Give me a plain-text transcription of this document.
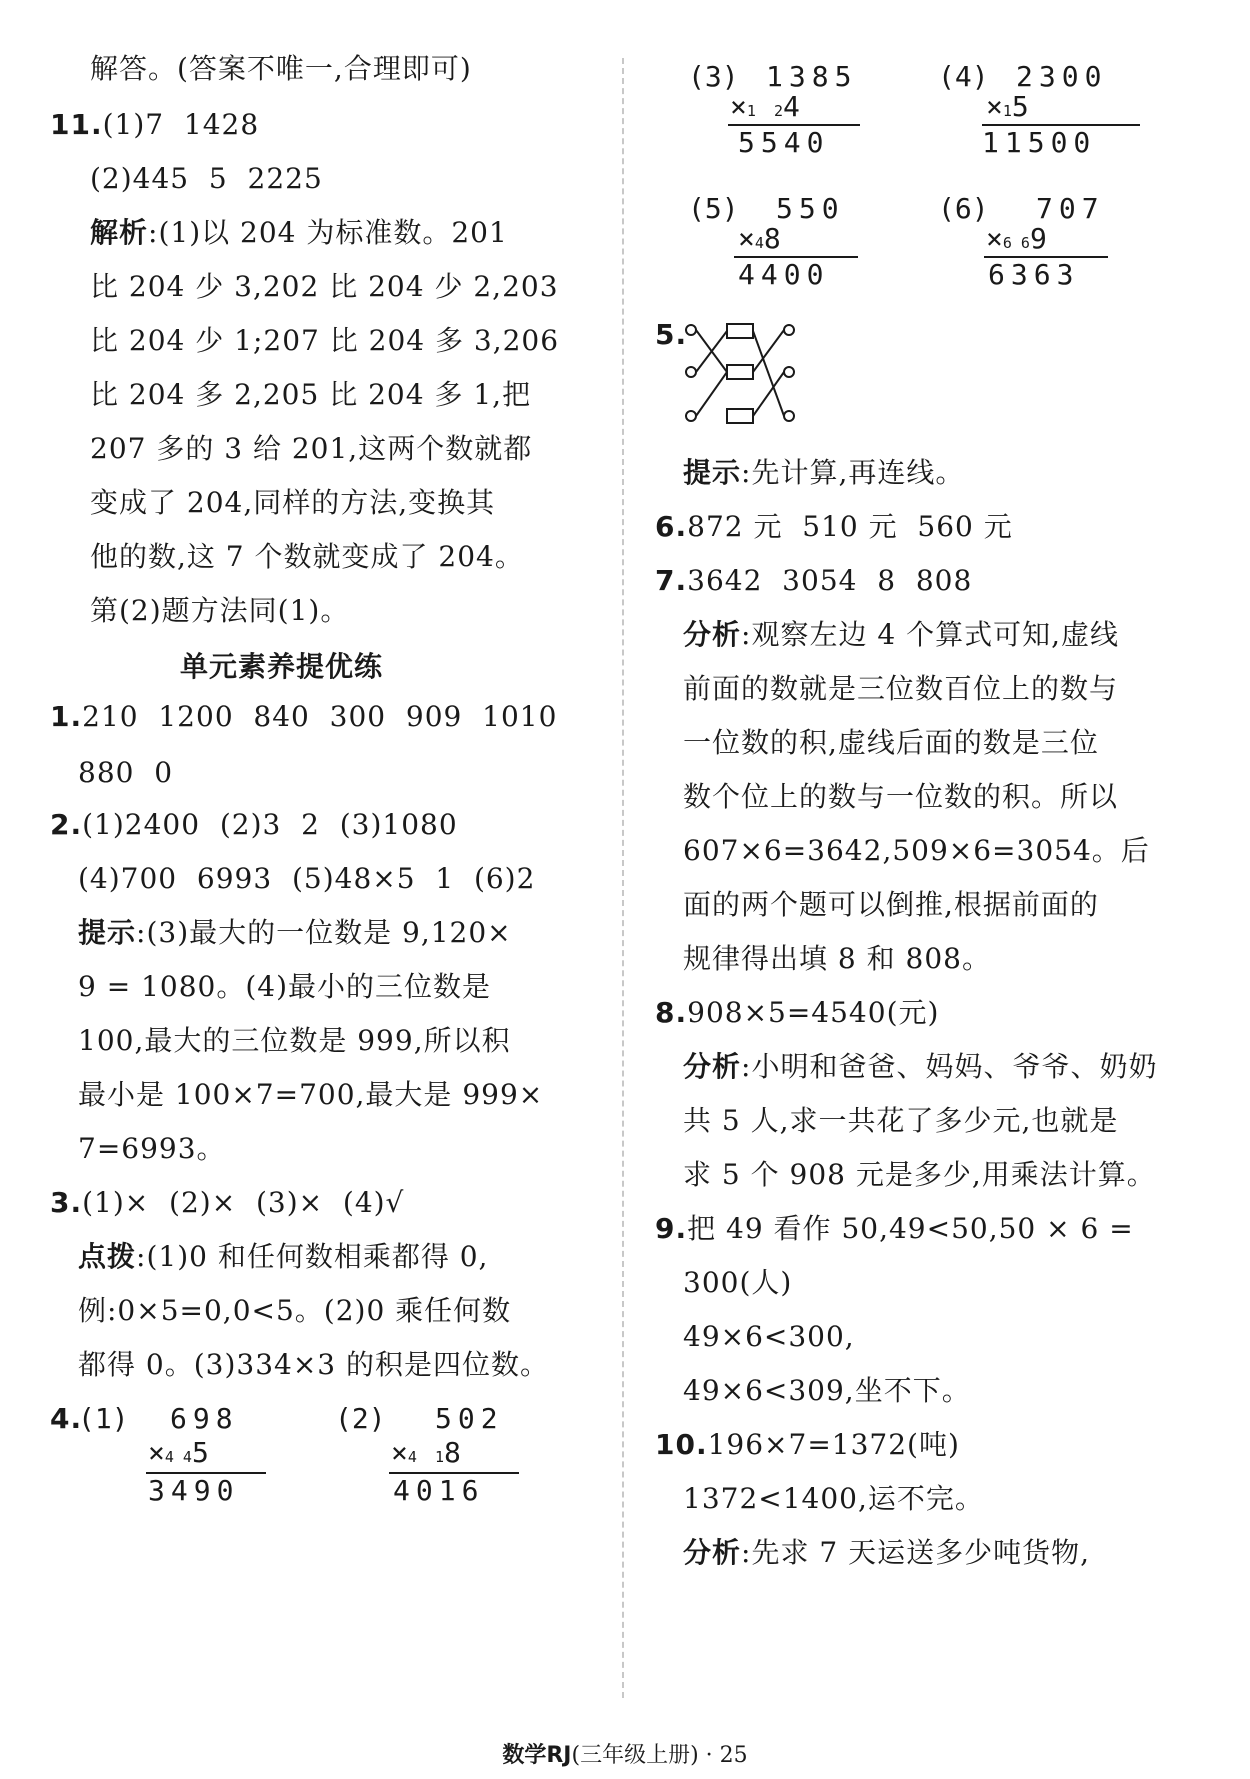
解答。(答案不唯一,合理即可)
11.(1)7  1428
(2)445  5  2225
解析:(1)以 204 为标准数。201
比 204 少 3,202 比 204 少 2,203
比 204 少 1;207 比 204 多 3,206
比 204 多 2,205 比 204 多 1,把
207 多的 3 给 201,这两个数就都
变成了 204,同样的方法,变换其
他的数,这 7 个数就变成了 204。
第(2)题方法同(1)。
单元素养提优练
1.210  1200  840  300  909  1010
880  0
2.(1)2400  (2)3  2  (3)1080
(4)700  6993  (5)48×5  1  (6)2
提示:(3)最大的一位数是 9,120×
9 = 1080。(4)最小的三位数是
100,最大的三位数是 999,所以积
最小是 100×7=700,最大是 999×
7=6993。
3.(1)×  (2)×  (3)×  (4)√
点拨:(1)0 和任何数相乘都得 0,
例:0×5=0,0<5。(2)0 乘任何数
都得 0。(3)334×3 的积是四位数。
4.
(1) 698
×4 45
3490
(2) 502
×4  18
4016
(3) 1385
×1  24
5540
(4) 2300
×15
11500
(5) 550
×48
4400
(6) 707
×6 69
6363
5.
提示:先计算,再连线。
6.872 元  510 元  560 元
7.3642  3054  8  808
分析:观察左边 4 个算式可知,虚线
前面的数就是三位数百位上的数与
一位数的积,虚线后面的数是三位
数个位上的数与一位数的积。所以
607×6=3642,509×6=3054。后
面的两个题可以倒推,根据前面的
规律得出填 8 和 808。
8.908×5=4540(元)
分析:小明和爸爸、妈妈、爷爷、奶奶
共 5 人,求一共花了多少元,也就是
求 5 个 908 元是多少,用乘法计算。
9.把 49 看作 50,49<50,50 × 6 =
300(人)
49×6<300,
49×6<309,坐不下。
10.196×7=1372(吨)
1372<1400,运不完。
分析:先求 7 天运送多少吨货物,
数学RJ(三年级上册) · 25
